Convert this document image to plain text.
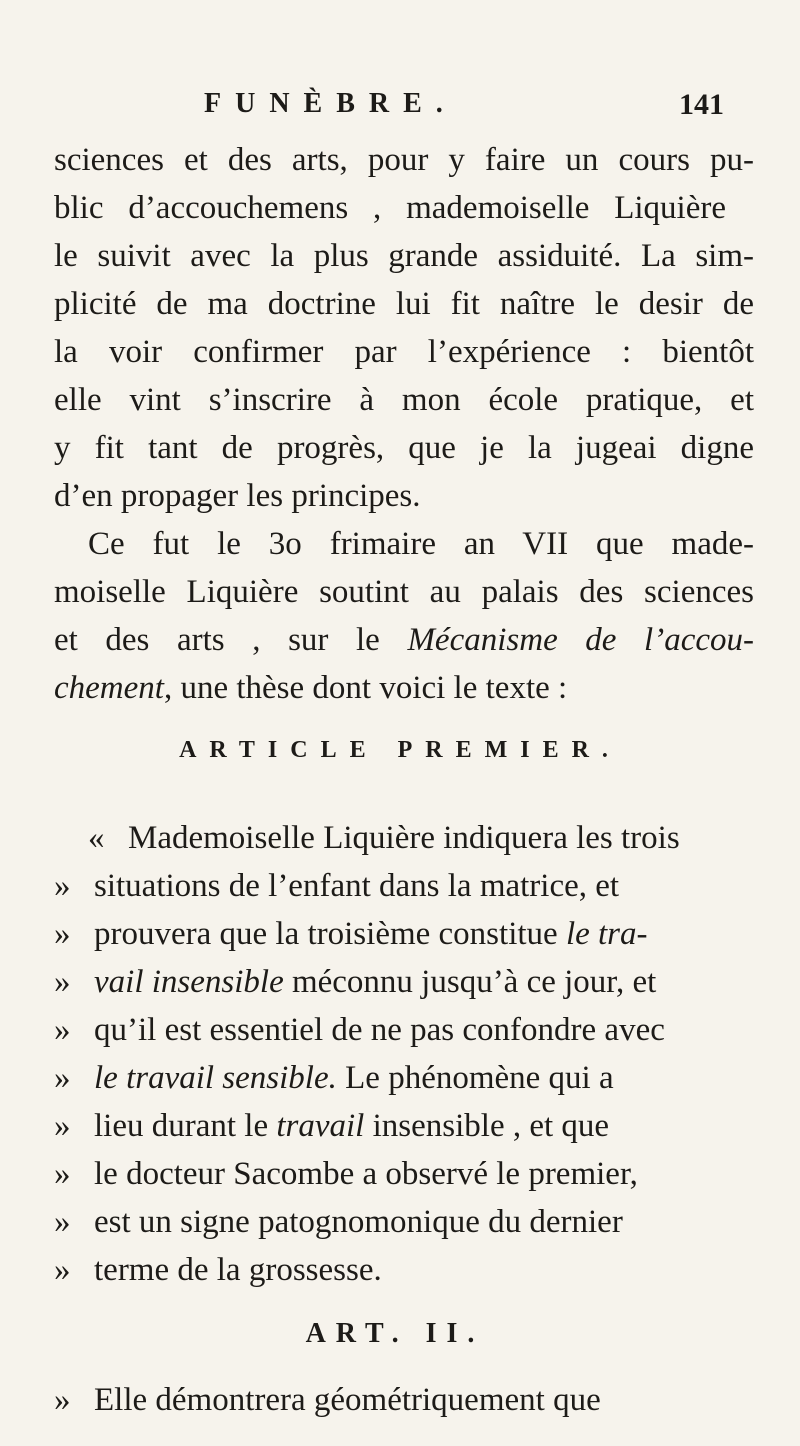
FUNÈBRE.	141
sciences et des arts, pour y faire un cours pu-
blic d’accouchemens , mademoiselle Liquière
le suivit avec la plus grande assiduité. La sim-
plicité de ma doctrine lui fit naître le desir de
la voir confirmer par l’expérience : bientôt
elle vint s’inscrire à mon école pratique, et
y fit tant de progrès, que je la jugeai digne
d’en propager les principes.
Ce fut le 3o frimaire an VII que made-
moiselle Liquière soutint au palais des sciences
et des arts , sur le Mécanisme de l’accou-
chement, une thèse dont voici le texte :
ARTICLE PREMIER.
« Mademoiselle Liquière indiquera les trois
» situations de l’enfant dans la matrice, et
» prouvera que la troisième constitue le tra-
» vail insensible méconnu jusqu’à ce jour, et
» qu’il est essentiel de ne pas confondre avec
» le travail sensible. Le phénomène qui a
» lieu durant le travail insensible , et que
» le docteur Sacombe a observé le premier,
» est un signe patognomonique du dernier
» terme de la grossesse.
ART. II.
» Elle démontrera géométriquement que
